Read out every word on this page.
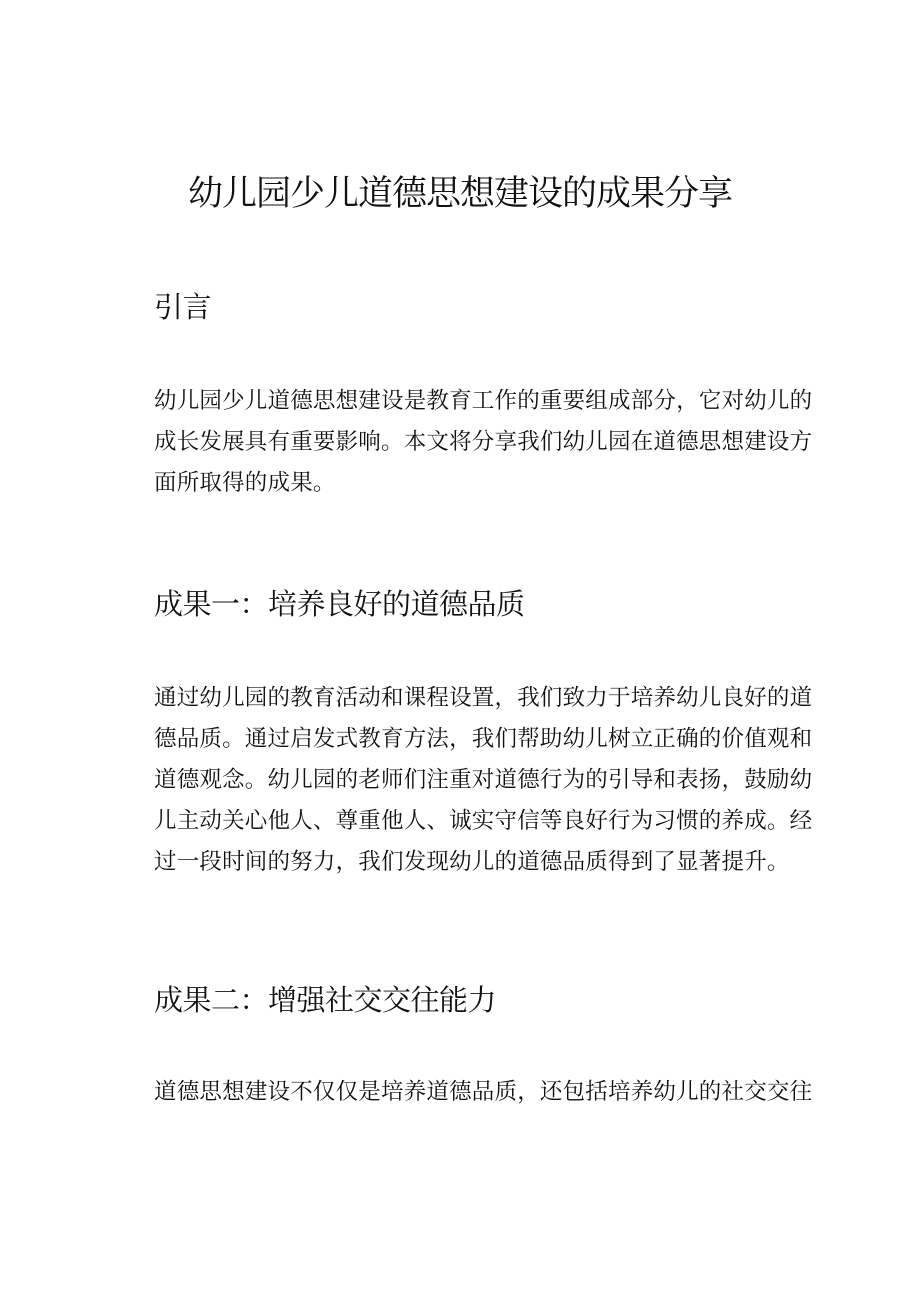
幼儿园少儿道德思想建设的成果分享
引言

幼儿园少儿道德思想建设是教育工作的重要组成部分，它对幼儿的成长发展具有重要影响。本文将分享我们幼儿园在道德思想建设方面所取得的成果。

成果一：培养良好的道德品质

通过幼儿园的教育活动和课程设置，我们致力于培养幼儿良好的道德品质。通过启发式教育方法，我们帮助幼儿树立正确的价值观和道德观念。幼儿园的老师们注重对道德行为的引导和表扬，鼓励幼儿主动关心他人、尊重他人、诚实守信等良好行为习惯的养成。经过一段时间的努力，我们发现幼儿的道德品质得到了显著提升。

成果二：增强社交交往能力

道德思想建设不仅仅是培养道德品质，还包括培养幼儿的社交交往
